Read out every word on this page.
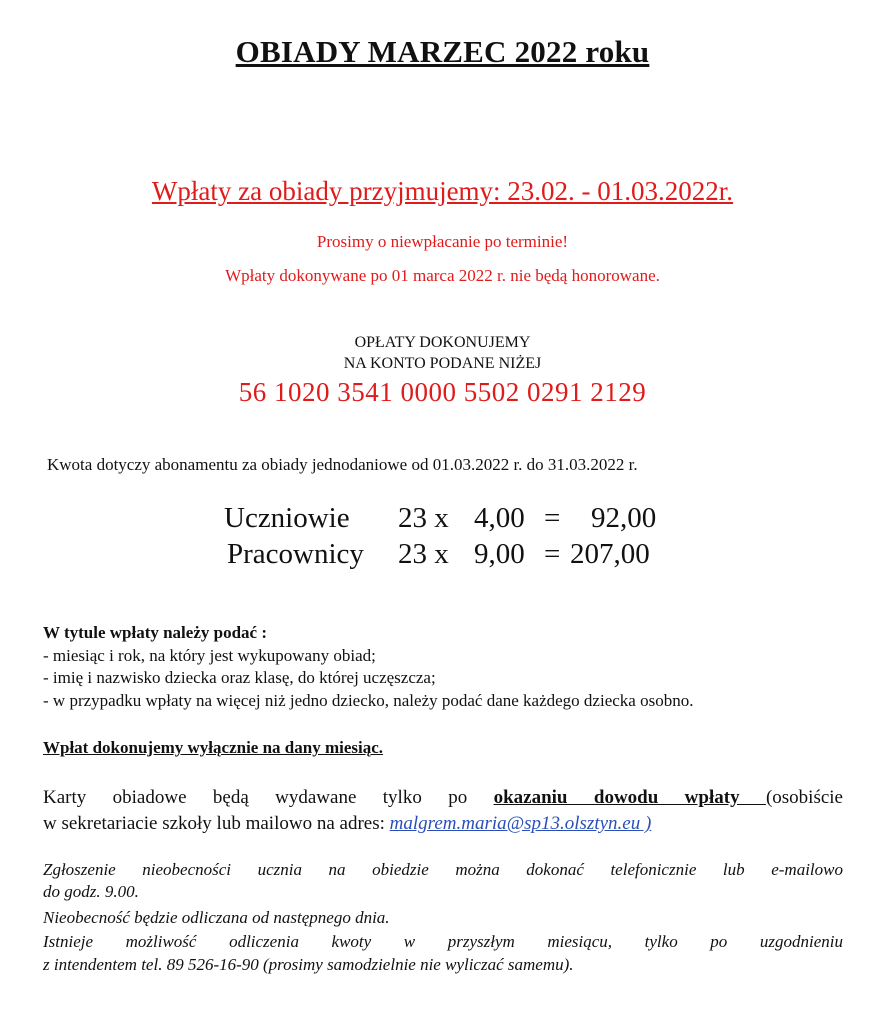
OBIADY MARZEC 2022 roku
Wpłaty za obiady przyjmujemy: 23.02. - 01.03.2022r.
Prosimy o niewpłacanie po terminie!
Wpłaty dokonywane po 01 marca 2022 r. nie będą honorowane.
OPŁATY DOKONUJEMY
NA KONTO PODANE NIŻEJ
56 1020 3541 0000 5502 0291 2129
Kwota dotyczy abonamentu za obiady jednodaniowe od 01.03.2022 r. do 31.03.2022 r.
Uczniowie 23 x 4,00 = 92,00
Pracownicy 23 x 9,00 = 207,00
W tytule wpłaty należy podać :
- miesiąc i rok, na który jest wykupowany obiad;
- imię i nazwisko dziecka oraz klasę, do której uczęszcza;
- w przypadku wpłaty na więcej niż jedno dziecko, należy podać dane każdego dziecka osobno.
Wpłat dokonujemy wyłącznie na dany miesiąc.
Karty obiadowe będą wydawane tylko po okazaniu dowodu wpłaty (osobiście
w sekretariacie szkoły lub mailowo na adres: malgrem.maria@sp13.olsztyn.eu )
Zgłoszenie nieobecności ucznia na obiedzie można dokonać telefonicznie lub e-mailowo
do godz. 9.00.
Nieobecność będzie odliczana od następnego dnia.
Istnieje możliwość odliczenia kwoty w przyszłym miesiącu, tylko po uzgodnieniu
z intendentem tel. 89 526-16-90 (prosimy samodzielnie nie wyliczać samemu).
